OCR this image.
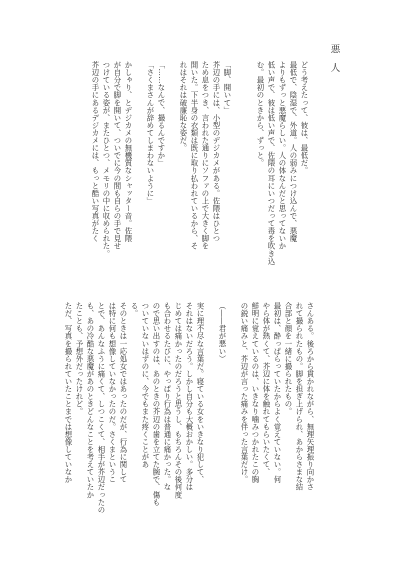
悪人
どう考えたって、彼は、最低だ。
最低で、陰湿で、外道。人の弱みにつけ込んで、悪魔
よりもずっと悪魔らしい。人の体なんだと思ってないか
低い声で、彼は低い声で、佐隈の耳にいつだって毒を吹き込
む。最初のときから、ずっと。

「脚、開いて」
芥辺の手には、小型のデジカメがある。佐隈はひとつ
ため息をつき、言われた通りにソファの上で大きく脚を
開いた。下半身の衣類は既に取り払われているから、そ
れはそれは破廉恥な姿だ。

「……なんで、撮るんですか」
「さくまさんが辞めてしまわないように」

かしゃり、とデジカメの無機質なシャッター音。佐隈
が自分で脚を開いて、ついでに今の間も自らの手で見せ
つけている姿が、またひとつ、メモリの中に収められた。
芥辺の手にあるデジカメには、もっと酷い写真がたく
さんある。後ろから貫かれながら、無理矢理振り向かさ
れて撮られたもの。脚を担ぎ上げられ、あからさまな結
合部と顔を一緒に撮られたもの。
最初は、酔っぱらっていたからよく覚えていない。何
やら体が熱くて、芥辺に体を触れてもらいたくて、
鮮明に覚えているのは、いきなり噛みつかれたこの胸
の鋭い痛みと、芥辺が言った痛みを伴った言葉だけ。

（――君が悪い）

実に理不尽な言葉だ。寝ている女をいきなり犯して、
それはないだろう。しかし自分も大概おかしい。多分は
じめては痛かったのだろうと思うし、もちろんその後何度
も合わせるたびに、やっぱり行為は普通に痛かった。な
ので思い出すのは、あのときの芥辺の歯を立てた腕で、傷も
ついていないはずのに、今でもまた疼くことがあ
る。
そのときは一応処女ではあったのだが、行為に関して
は特に何も想像していなかったのだ。さくまというこ
とで、あんなふうに痛くて、しつこくて、相手が芥辺だったの
も、あの冷酷な悪魔があのときどんなことを考えていたか
たことも、予想外だったけれど。
ただ、写真を撮られていたことまでは想像していなか
